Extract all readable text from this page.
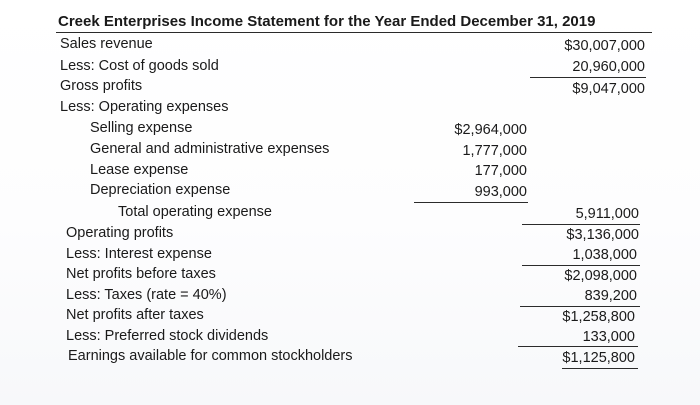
Creek Enterprises Income Statement for the Year Ended December 31, 2019
Sales revenue	$30,007,000
Less: Cost of goods sold	20,960,000
Gross profits	$9,047,000
Less: Operating expenses
Selling expense	$2,964,000
General and administrative expenses	1,777,000
Lease expense	177,000
Depreciation expense	993,000
Total operating expense	5,911,000
Operating profits	$3,136,000
Less: Interest expense	1,038,000
Net profits before taxes	$2,098,000
Less: Taxes (rate = 40%)	839,200
Net profits after taxes	$1,258,800
Less: Preferred stock dividends	133,000
Earnings available for common stockholders	$1,125,800
